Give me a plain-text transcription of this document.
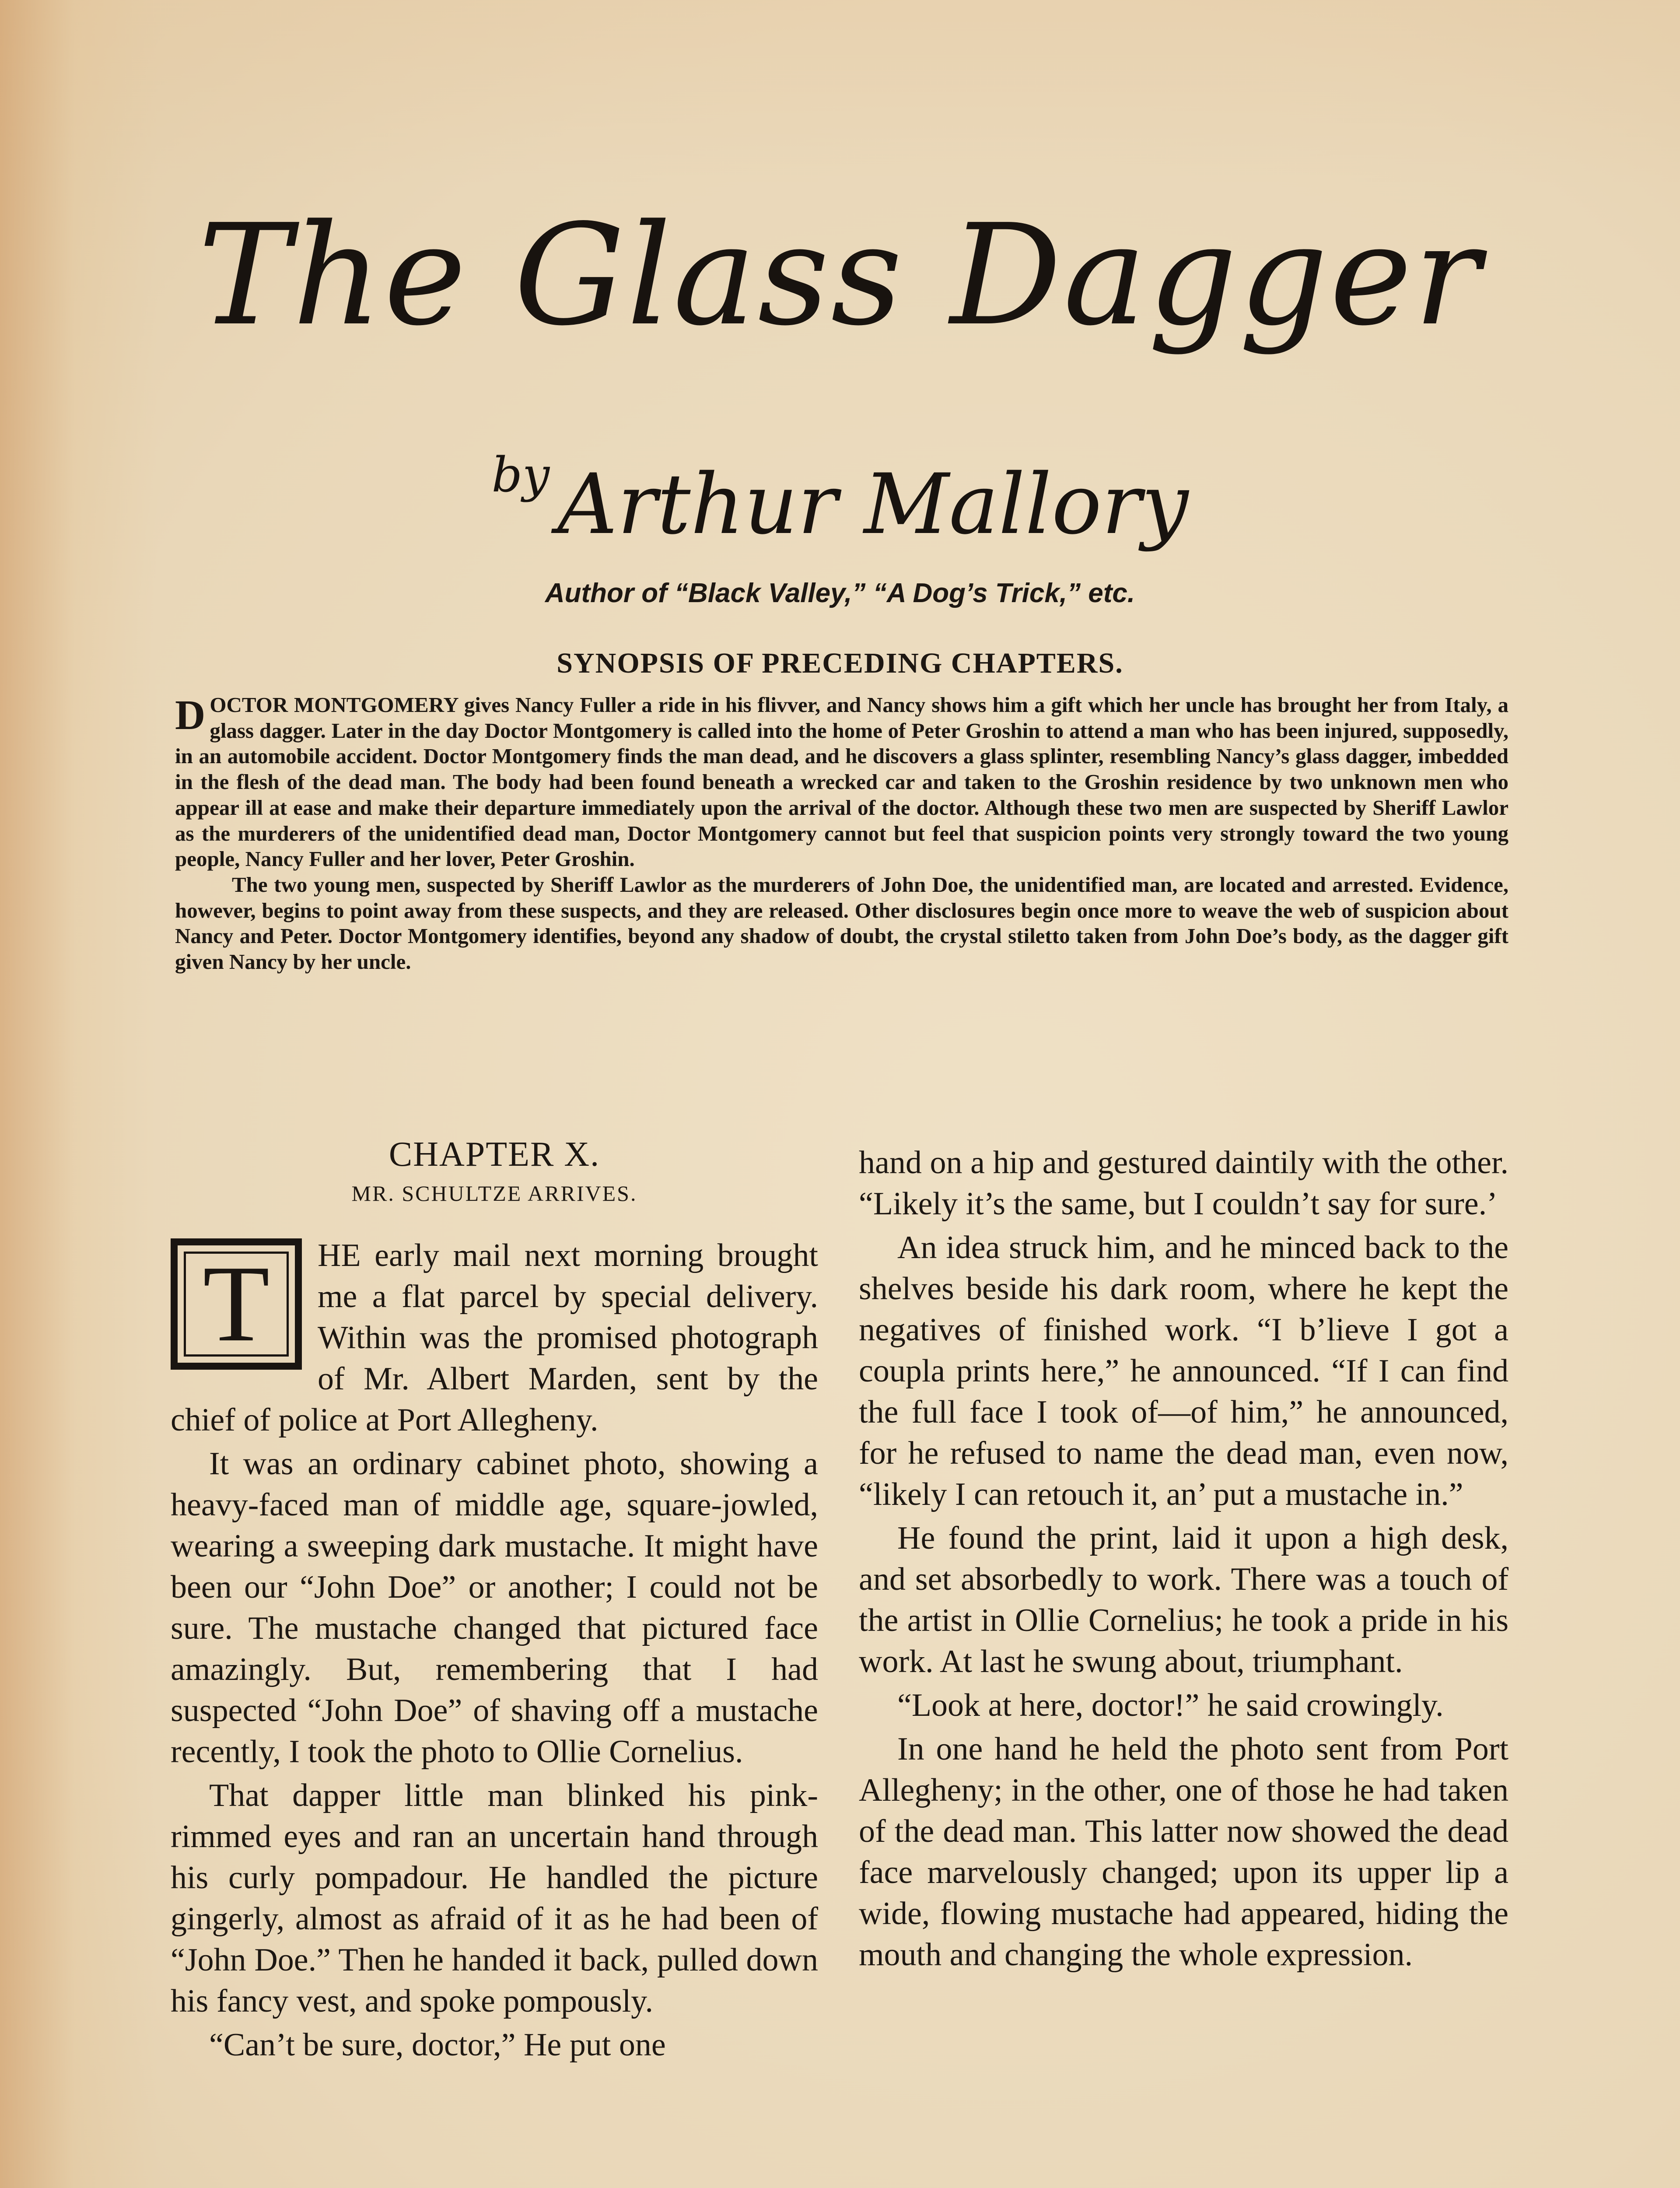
The Glass Dagger
byArthur Mallory
Author of “Black Valley,” “A Dog’s Trick,” etc.
SYNOPSIS OF PRECEDING CHAPTERS.

DOCTOR MONTGOMERY gives Nancy Fuller a ride in his flivver, and Nancy shows him a gift which her uncle has brought her from Italy, a glass dagger. Later in the day Doctor Montgomery is called into the home of Peter Groshin to attend a man who has been injured, supposedly, in an automobile accident. Doctor Montgomery finds the man dead, and he discovers a glass splinter, resembling Nancy’s glass dagger, imbedded in the flesh of the dead man. The body had been found beneath a wrecked car and taken to the Groshin residence by two unknown men who appear ill at ease and make their departure immediately upon the arrival of the doctor. Although these two men are suspected by Sheriff Lawlor as the murderers of the unidentified dead man, Doctor Montgomery cannot but feel that suspicion points very strongly toward the two young people, Nancy Fuller and her lover, Peter Groshin.

The two young men, suspected by Sheriff Lawlor as the murderers of John Doe, the unidentified man, are located and arrested. Evidence, however, begins to point away from these suspects, and they are released. Other disclosures begin once more to weave the web of suspicion about Nancy and Peter. Doctor Montgomery identifies, beyond any shadow of doubt, the crystal stiletto taken from John Doe’s body, as the dagger gift given Nancy by her uncle.

CHAPTER X.
MR. SCHULTZE ARRIVES.
T	HE early mail next morning brought me a flat parcel by special delivery. Within was the promised photograph of Mr. Albert Marden, sent by the chief of police at Port Allegheny.

It was an ordinary cabinet photo, showing a heavy-faced man of middle age, square-jowled, wearing a sweeping dark mustache. It might have been our “John Doe” or another; I could not be sure. The mustache changed that pictured face amazingly. But, remembering that I had suspected “John Doe” of shaving off a mustache recently, I took the photo to Ollie Cornelius.

That dapper little man blinked his pink-rimmed eyes and ran an uncertain hand through his curly pompadour. He handled the picture gingerly, almost as afraid of it as he had been of “John Doe.” Then he handed it back, pulled down his fancy vest, and spoke pompously.

“Can’t be sure, doctor,” He put one

hand on a hip and gestured daintily with the other. “Likely it’s the same, but I couldn’t say for sure.’

An idea struck him, and he minced back to the shelves beside his dark room, where he kept the negatives of finished work. “I b’lieve I got a coupla prints here,” he announced. “If I can find the full face I took of—of him,” he announced, for he refused to name the dead man, even now, “likely I can retouch it, an’ put a mustache in.”

He found the print, laid it upon a high desk, and set absorbedly to work. There was a touch of the artist in Ollie Cornelius; he took a pride in his work. At last he swung about, triumphant.

“Look at here, doctor!” he said crowingly.

In one hand he held the photo sent from Port Allegheny; in the other, one of those he had taken of the dead man. This latter now showed the dead face marvelously changed; upon its upper lip a wide, flowing mustache had appeared, hiding the mouth and changing the whole expression.
